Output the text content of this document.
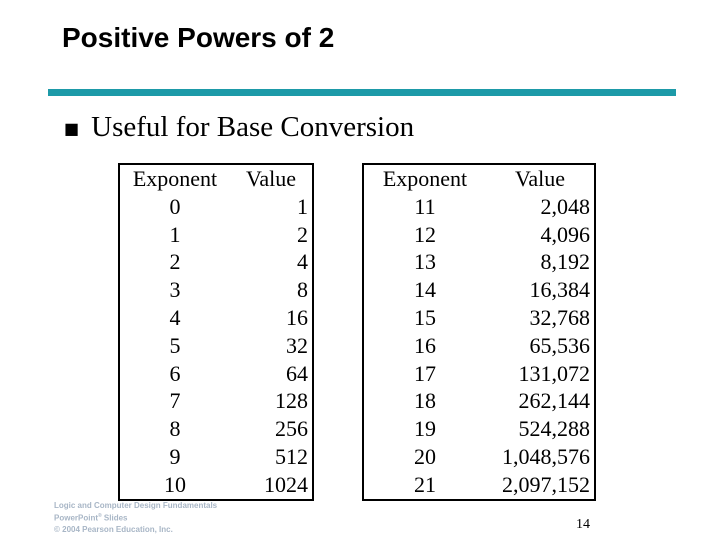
Positive Powers of 2
■ Useful for Base Conversion
Exponent	Value
0	1
1	2
2	4
3	8
4	16
5	32
6	64
7	128
8	256
9	512
10	1024
Exponent	Value
11	2,048
12	4,096
13	8,192
14	16,384
15	32,768
16	65,536
17	131,072
18	262,144
19	524,288
20	1,048,576
21	2,097,152
Logic and Computer Design Fundamentals
PowerPoint® Slides
© 2004 Pearson Education, Inc.	14
